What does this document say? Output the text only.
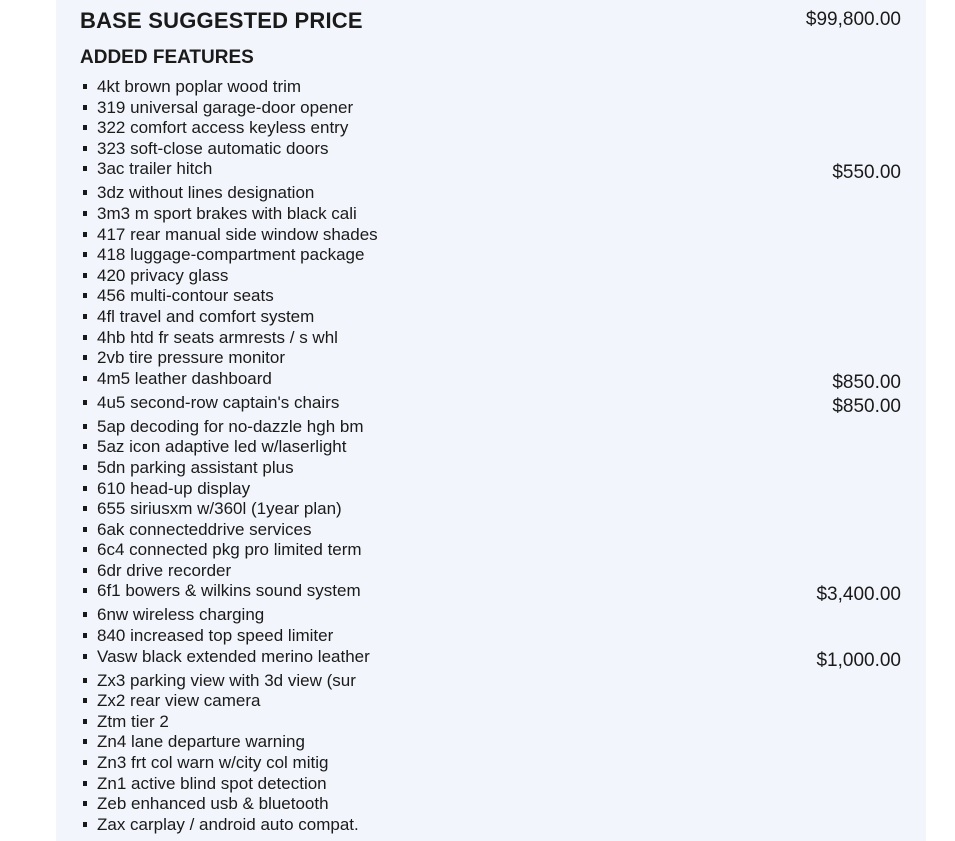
BASE SUGGESTED PRICE	$99,800.00
ADDED FEATURES
4kt brown poplar wood trim
319 universal garage-door opener
322 comfort access keyless entry
323 soft-close automatic doors
3ac trailer hitch	$550.00
3dz without lines designation
3m3 m sport brakes with black cali
417 rear manual side window shades
418 luggage-compartment package
420 privacy glass
456 multi-contour seats
4fl travel and comfort system
4hb htd fr seats armrests / s whl
2vb tire pressure monitor
4m5 leather dashboard	$850.00
4u5 second-row captain's chairs	$850.00
5ap decoding for no-dazzle hgh bm
5az icon adaptive led w/laserlight
5dn parking assistant plus
610 head-up display
655 siriusxm w/360l (1year plan)
6ak connecteddrive services
6c4 connected pkg pro limited term
6dr drive recorder
6f1 bowers & wilkins sound system	$3,400.00
6nw wireless charging
840 increased top speed limiter
Vasw black extended merino leather	$1,000.00
Zx3 parking view with 3d view (sur
Zx2 rear view camera
Ztm tier 2
Zn4 lane departure warning
Zn3 frt col warn w/city col mitig
Zn1 active blind spot detection
Zeb enhanced usb & bluetooth
Zax carplay / android auto compat.
